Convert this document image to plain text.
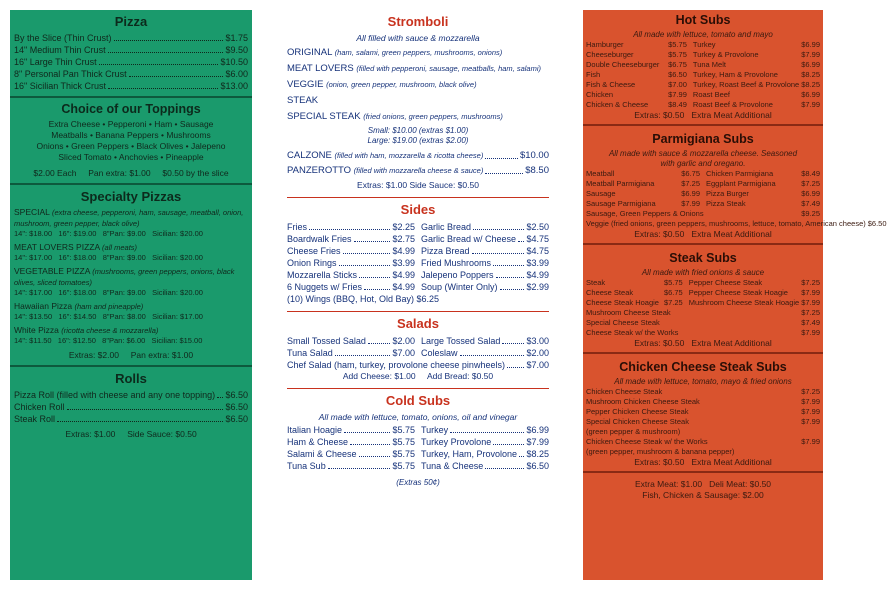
Pizza
By the Slice (Thin Crust)	$1.75
14" Medium Thin Crust	$9.50
16" Large Thin Crust	$10.50
8" Personal Pan Thick Crust	$6.00
16" Sicilian Thick Crust	$13.00
Choice of our Toppings
Extra Cheese • Pepperoni • Ham • Sausage
Meatballs • Banana Peppers • Mushrooms
Onions • Green Peppers • Black Olives • Jalepeno
Sliced Tomato • Anchovies • Pineapple
$2.00 Each     Pan extra: $1.00     $0.50 by the slice
Specialty Pizzas
SPECIAL (extra cheese, pepperoni, ham, sausage, meatball, onion, mushroom, green pepper, black olive)
14": $18.00   16": $19.00   8"Pan: $9.00   Sicilian: $20.00
MEAT LOVERS PIZZA (all meats)
14": $17.00   16": $18.00   8"Pan: $9.00   Sicilian: $20.00
VEGETABLE PIZZA (mushrooms, green peppers, onions, black olives, sliced tomatoes)
14": $17.00   16": $18.00   8"Pan: $9.00   Sicilian: $20.00
Hawaiian Pizza (ham and pineapple)
14": $13.50   16": $14.50   8"Pan: $8.00   Sicilian: $17.00
White Pizza (ricotta cheese & mozzarella)
14": $11.50   16": $12.50   8"Pan: $6.00   Sicilian: $15.00
Extras: $2.00     Pan extra: $1.00
Rolls
Pizza Roll (filled with cheese and any one topping) $6.50
Chicken Roll	$6.50
Steak Roll	$6.50
Extras: $1.00     Side Sauce: $0.50
Stromboli
All filled with sauce & mozzarella
ORIGINAL (ham, salami, green peppers, mushrooms, onions)
MEAT LOVERS (filled with pepperoni, sausage, meatballs, ham, salami)
VEGGIE (onion, green pepper, mushroom, black olive)
STEAK
SPECIAL STEAK (fried onions, green peppers, mushrooms)
Small: $10.00 (extras $1.00)
Large: $19.00 (extras $2.00)
CALZONE (filled with ham, mozzarella & ricotta cheese)	$10.00
PANZEROTTO (filled with mozzarella cheese & sauce)	$8.50
Extras: $1.00 Side Sauce: $0.50
Sides
Fries	$2.25
Boardwalk Fries	$2.75
Cheese Fries	$4.99
Onion Rings	$3.99
Mozzarella Sticks	$4.99
6 Nuggets w/ Fries	$4.99
Garlic Bread	$2.50
Garlic Bread w/ Cheese $4.75
Pizza Bread	$4.75
Fried Mushrooms	$3.99
Jalepeno Poppers	$4.99
Soup (Winter Only)	$2.99
(10) Wings (BBQ, Hot, Old Bay) $6.25
Salads
Small Tossed Salad	$2.00
Tuna Salad	$7.00
Large Tossed Salad	$3.00
Coleslaw	$2.00
Chef Salad (ham, turkey, provolone cheese pinwheels) $7.00
Add Cheese: $1.00     Add Bread: $0.50
Cold Subs
All made with lettuce, tomato, onions, oil and vinegar
Italian Hoagie	$5.75
Ham & Cheese	$5.75
Salami & Cheese	$5.75
Tuna Sub	$5.75
Turkey	$6.99
Turkey Provolone	$7.99
Turkey, Ham, Provolone $8.25
Tuna & Cheese	$6.50
(Extras 50¢)
Hot Subs
All made with lettuce, tomato and mayo
Hamburger	$5.75
Cheeseburger	$5.75
Double Cheeseburger	$6.75
Fish	$6.50
Fish & Cheese	$7.00
Chicken	$7.99
Chicken & Cheese	$8.49
Turkey	$6.99
Turkey & Provolone	$7.99
Tuna Melt	$6.99
Turkey, Ham & Provolone	$8.25
Turkey, Roast Beef & Provolone $8.25
Roast Beef	$6.99
Roast Beef & Provolone	$7.99
Extras: $0.50   Extra Meat Additional
Parmigiana Subs
All made with sauce & mozzarella cheese. Seasoned with garlic and oregano.
Meatball	$6.75
Meatball Parmigiana	$7.25
Sausage	$6.99
Sausage Parmigiana	$7.99
Chicken Parmigiana	$8.49
Eggplant Parmigiana	$7.25
Pizza Burger	$6.99
Pizza Steak	$7.49
Sausage, Green Peppers & Onions	$9.25
Veggie (fried onions, green peppers, mushrooms, lettuce, tomato, American cheese) $6.50
Extras: $0.50   Extra Meat Additional
Steak Subs
All made with fried onions & sauce
Steak	$5.75
Cheese Steak	$6.75
Cheese Steak Hoagie $7.25
Pepper Cheese Steak	$7.25
Pepper Cheese Steak Hoagie	$7.99
Mushroom Cheese Steak Hoagie $7.99
Mushroom Cheese Steak	$7.25
Special Cheese Steak	$7.49
Cheese Steak w/ the Works	$7.99
Extras: $0.50   Extra Meat Additional
Chicken Cheese Steak Subs
All made with lettuce, tomato, mayo & fried onions
Chicken Cheese Steak	$7.25
Mushroom Chicken Cheese Steak	$7.99
Pepper Chicken Cheese Steak	$7.99
Special Chicken Cheese Steak	$7.99
(green pepper & mushroom)
Chicken Cheese Steak w/ the Works	$7.99
(green pepper, mushroom & banana pepper)
Extras: $0.50   Extra Meat Additional
Extra Meat: $1.00   Deli Meat: $0.50
Fish, Chicken & Sausage: $2.00
